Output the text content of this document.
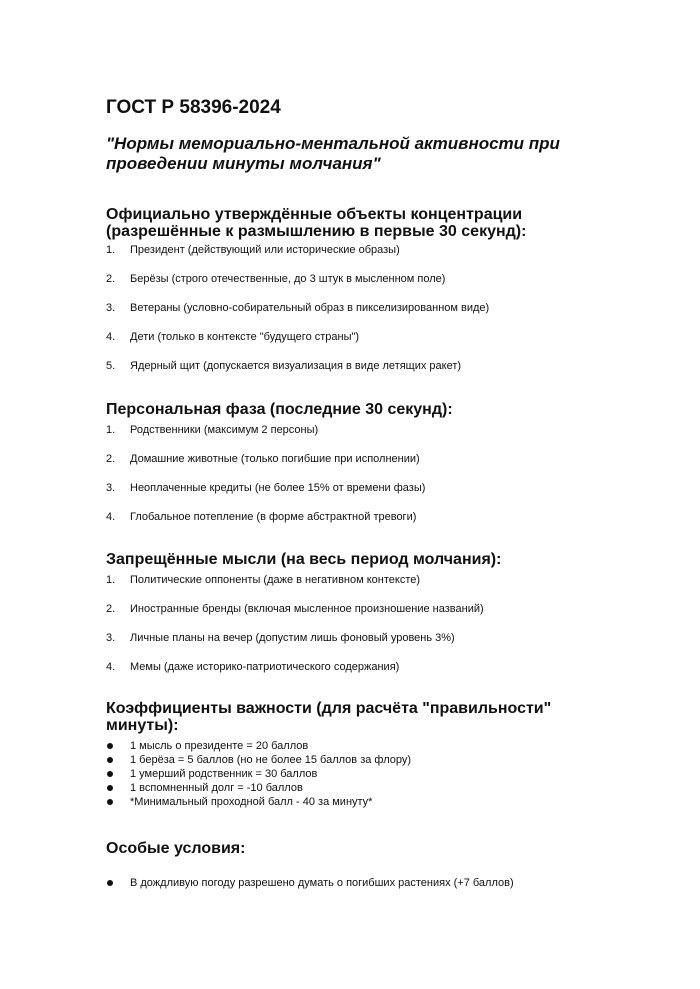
ГОСТ Р 58396-2024
"Нормы мемориально-ментальной активности при проведении минуты молчания"
Официально утверждённые объекты концентрации (разрешённые к размышлению в первые 30 секунд):
1. Президент (действующий или исторические образы)
2. Берёзы (строго отечественные, до 3 штук в мысленном поле)
3. Ветераны (условно-собирательный образ в пикселизированном виде)
4. Дети (только в контексте "будущего страны")
5. Ядерный щит (допускается визуализация в виде летящих ракет)
Персональная фаза (последние 30 секунд):
1. Родственники (максимум 2 персоны)
2. Домашние животные (только погибшие при исполнении)
3. Неоплаченные кредиты (не более 15% от времени фазы)
4. Глобальное потепление (в форме абстрактной тревоги)
Запрещённые мысли (на весь период молчания):
1. Политические оппоненты (даже в негативном контексте)
2. Иностранные бренды (включая мысленное произношение названий)
3. Личные планы на вечер (допустим лишь фоновый уровень 3%)
4. Мемы (даже историко-патриотического содержания)
Коэффициенты важности (для расчёта "правильности" минуты):
1 мысль о президенте = 20 баллов
1 берёза = 5 баллов (но не более 15 баллов за флору)
1 умерший родственник = 30 баллов
1 вспомненный долг = -10 баллов
*Минимальный проходной балл - 40 за минуту*
Особые условия:
В дождливую погоду разрешено думать о погибших растениях (+7 баллов)
